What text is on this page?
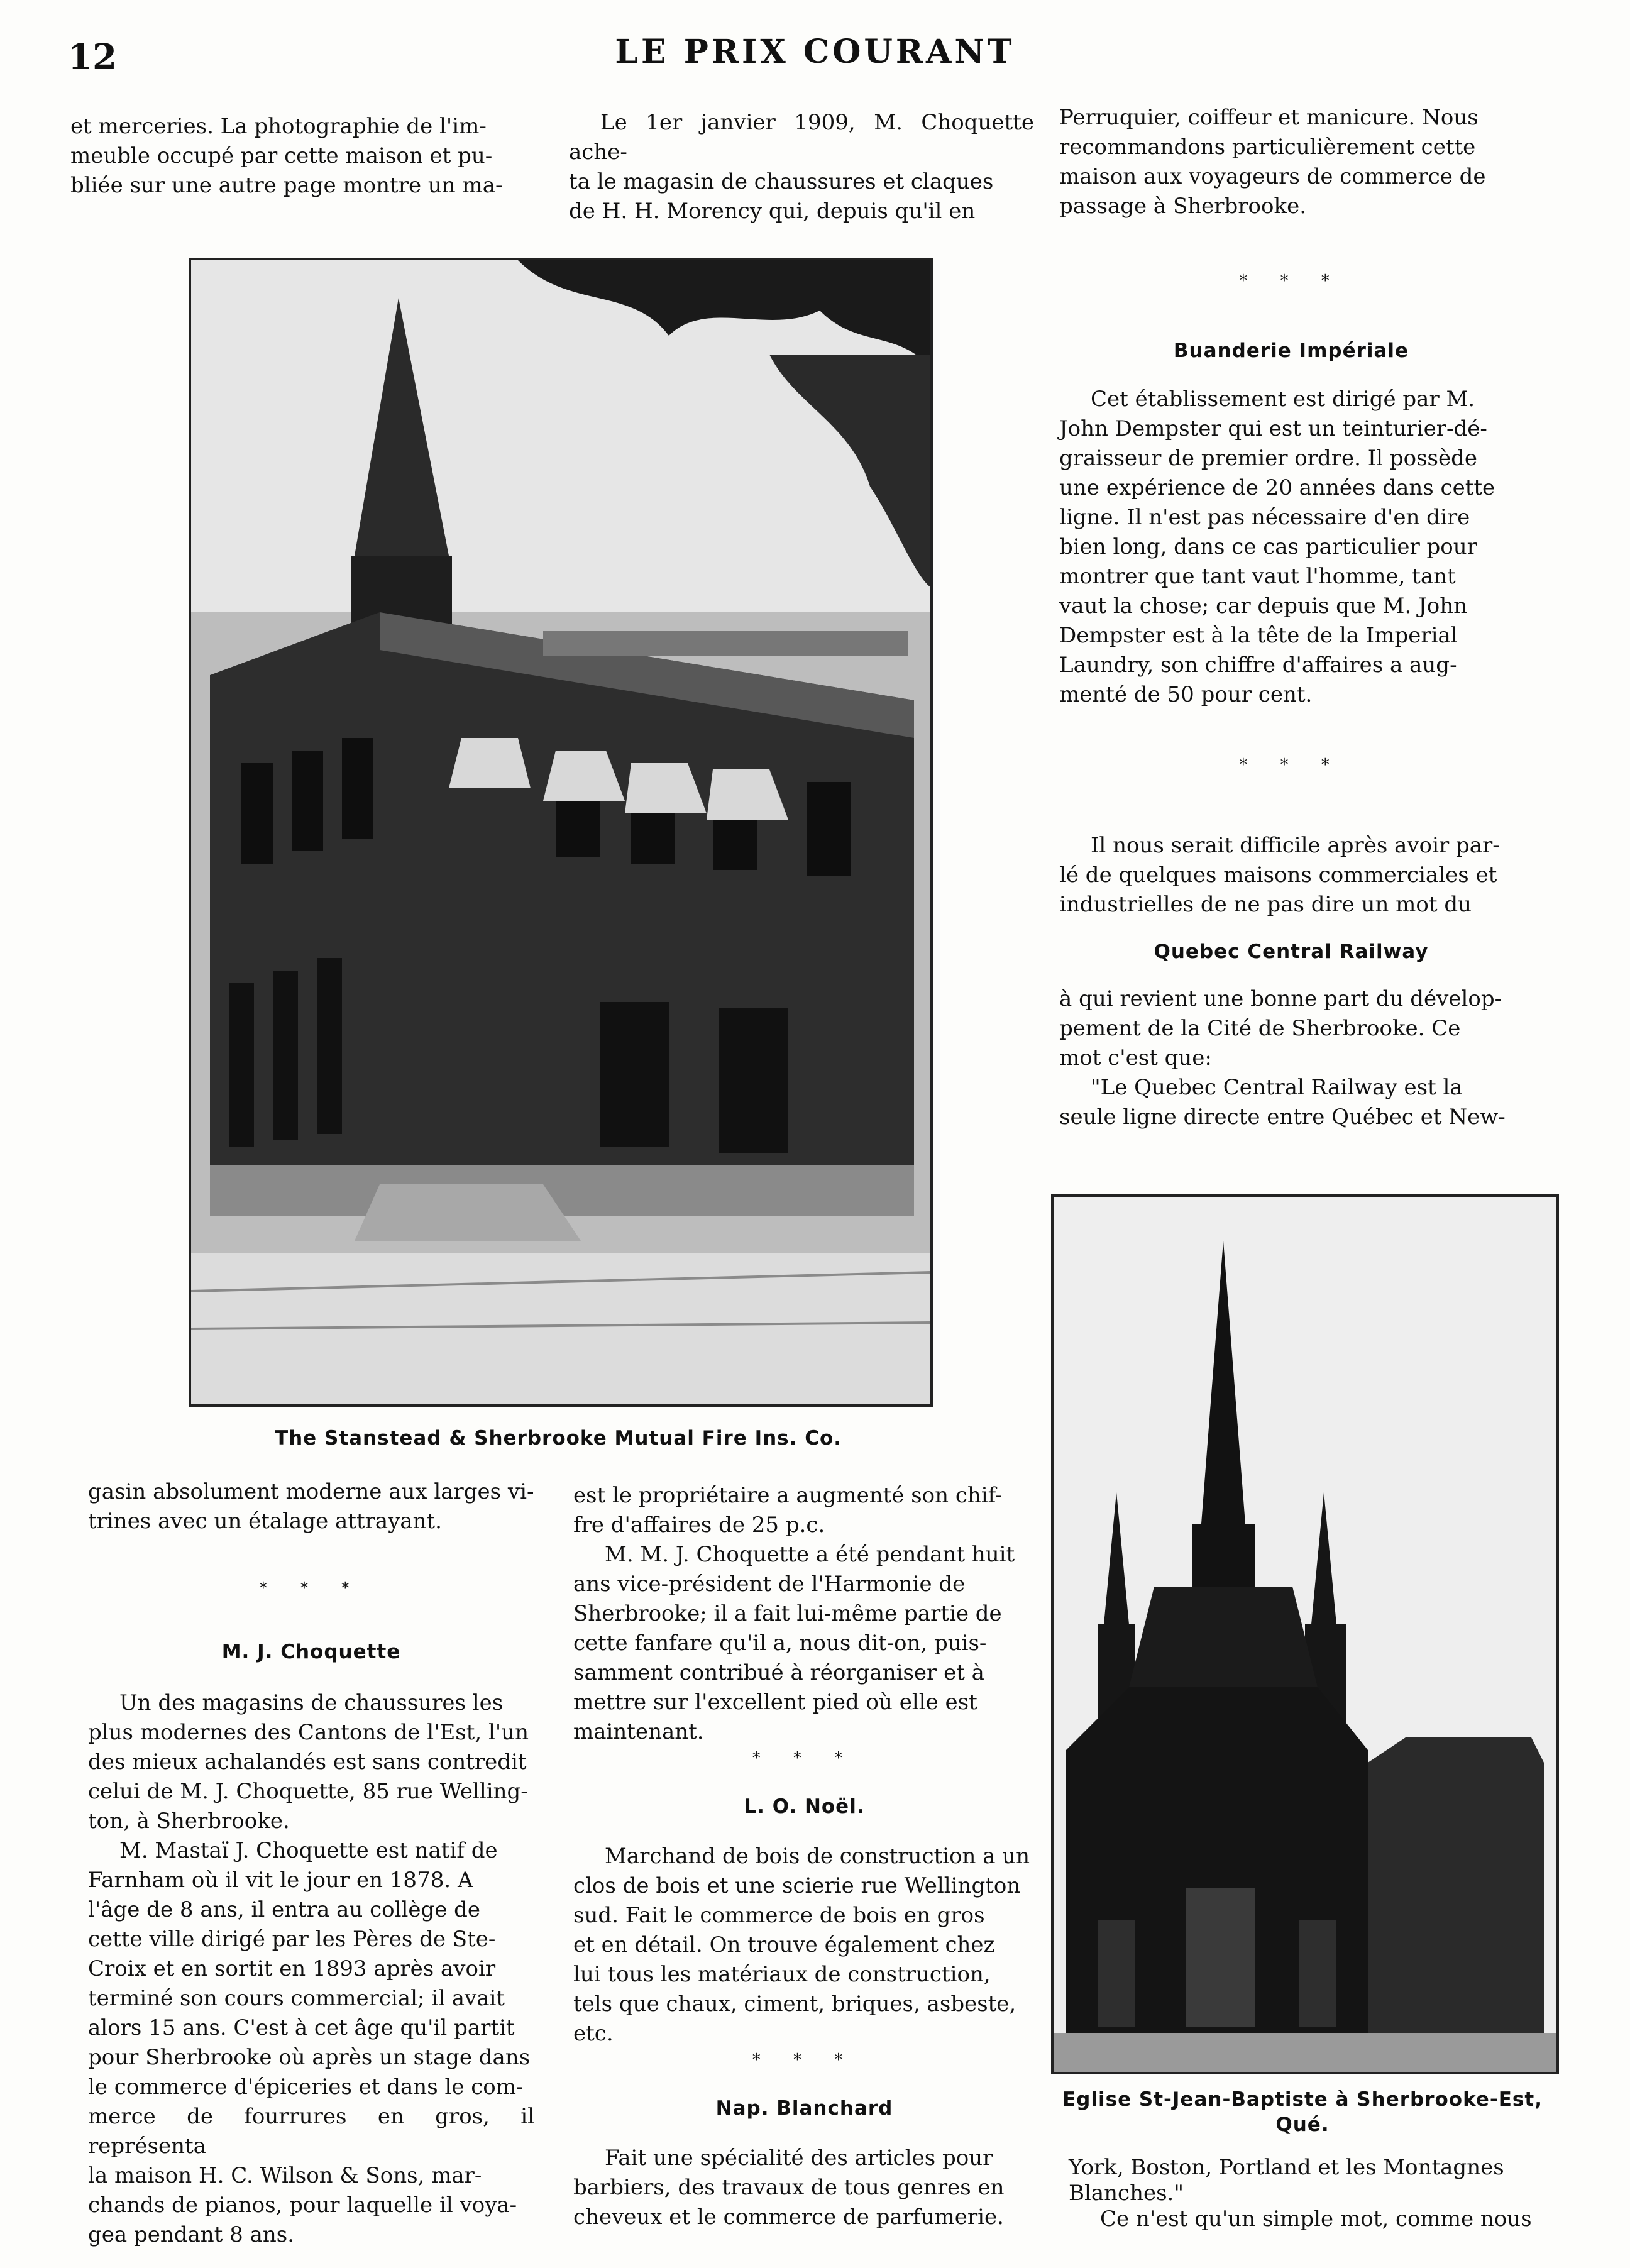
12	LE PRIX COURANT

et merceries. La photographie de l'im-

meuble occupé par cette maison et pu-

bliée sur une autre page montre un ma-

Le 1er janvier 1909, M. Choquette ache-

ta le magasin de chaussures et claques

de H. H. Morency qui, depuis qu'il en

Perruquier, coiffeur et manicure. Nous

recommandons particulièrement cette

maison aux voyageurs de commerce de

passage à Sherbrooke.

* * *
Buanderie Impériale

Cet établissement est dirigé par M.

John Dempster qui est un teinturier-dé-

graisseur de premier ordre. Il possède

une expérience de 20 années dans cette

ligne. Il n'est pas nécessaire d'en dire

bien long, dans ce cas particulier pour

montrer que tant vaut l'homme, tant

vaut la chose; car depuis que M. John

Dempster est à la tête de la Imperial

Laundry, son chiffre d'affaires a aug-

menté de 50 pour cent.

* * *

Il nous serait difficile après avoir par-

lé de quelques maisons commerciales et

industrielles de ne pas dire un mot du

Quebec Central Railway

à qui revient une bonne part du dévelop-

pement de la Cité de Sherbrooke. Ce

mot c'est que:

"Le Quebec Central Railway est la

seule ligne directe entre Québec et New-

The Stanstead & Sherbrooke Mutual Fire Ins. Co.

gasin absolument moderne aux larges vi-

trines avec un étalage attrayant.

* * *
M. J. Choquette

Un des magasins de chaussures les

plus modernes des Cantons de l'Est, l'un

des mieux achalandés est sans contredit

celui de M. J. Choquette, 85 rue Welling-

ton, à Sherbrooke.

M. Mastaï J. Choquette est natif de

Farnham où il vit le jour en 1878. A

l'âge de 8 ans, il entra au collège de

cette ville dirigé par les Pères de Ste-

Croix et en sortit en 1893 après avoir

terminé son cours commercial; il avait

alors 15 ans. C'est à cet âge qu'il partit

pour Sherbrooke où après un stage dans

le commerce d'épiceries et dans le com-

merce de fourrures en gros, il représenta

la maison H. C. Wilson & Sons, mar-

chands de pianos, pour laquelle il voya-

gea pendant 8 ans.

est le propriétaire a augmenté son chif-

fre d'affaires de 25 p.c.

M. M. J. Choquette a été pendant huit

ans vice-président de l'Harmonie de

Sherbrooke; il a fait lui-même partie de

cette fanfare qu'il a, nous dit-on, puis-

samment contribué à réorganiser et à

mettre sur l'excellent pied où elle est

maintenant.

* * *
L. O. Noël.

Marchand de bois de construction a un

clos de bois et une scierie rue Wellington

sud. Fait le commerce de bois en gros

et en détail. On trouve également chez

lui tous les matériaux de construction,

tels que chaux, ciment, briques, asbeste,

etc.

* * *
Nap. Blanchard

Fait une spécialité des articles pour

barbiers, des travaux de tous genres en

cheveux et le commerce de parfumerie.

Eglise St-Jean-Baptiste à Sherbrooke-Est,
Qué.

York, Boston, Portland et les Montagnes

Blanches."

Ce n'est qu'un simple mot, comme nous
